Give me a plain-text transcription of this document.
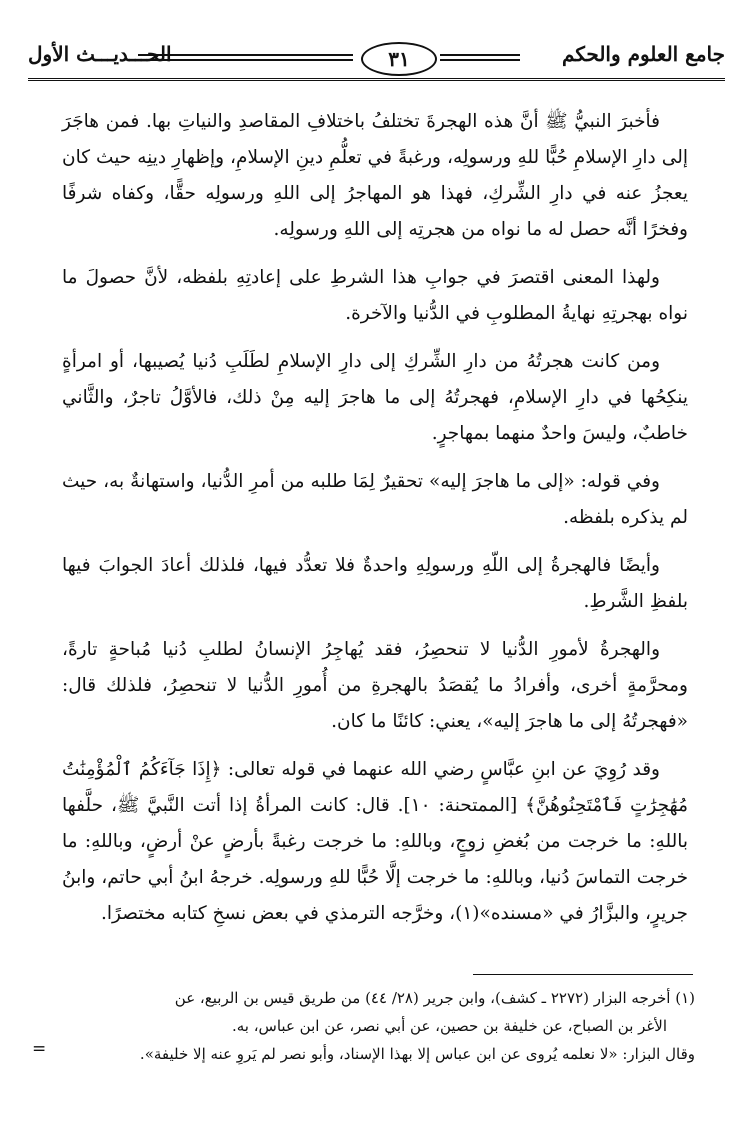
جامع العلوم والحكم
٣١
الحـــديـــث الأول

فأخبرَ النبيُّ ﷺ أنَّ هذه الهجرةَ تختلفُ باختلافِ المقاصدِ والنياتِ بها. فمن هاجَرَ إلى دارِ الإسلامِ حُبًّا للهِ ورسولِه، ورغبةً في تعلُّمِ دينِ الإسلامِ، وإظهارِ دينِه حيث كان يعجزُ عنه في دارِ الشِّركِ، فهذا هو المهاجرُ إلى اللهِ ورسولِه حقًّا، وكفاه شرفًا وفخرًا أنَّه حصل له ما نواه من هجرتِه إلى اللهِ ورسولِه.

ولهذا المعنى اقتصرَ في جوابِ هذا الشرطِ على إعادتِهِ بلفظه، لأنَّ حصولَ ما نواه بهجرتِهِ نهايةُ المطلوبِ في الدُّنيا والآخرة.

ومن كانت هجرتُهُ من دارِ الشِّركِ إلى دارِ الإسلامِ لطَلَبِ دُنيا يُصيبها، أو امرأةٍ ينكِحُها في دارِ الإسلامِ، فهجرتُهُ إلى ما هاجرَ إليه مِنْ ذلك، فالأوَّلُ تاجرٌ، والثَّاني خاطبٌ، وليسَ واحدٌ منهما بمهاجرٍ.

وفي قوله: «إلى ما هاجرَ إليه» تحقيرٌ لِمَا طلبه من أمرِ الدُّنيا، واستهانةٌ به، حيث لم يذكره بلفظه.

وأيضًا فالهجرةُ إلى اللّهِ ورسولِهِ واحدةٌ فلا تعدُّد فيها، فلذلك أعادَ الجوابَ فيها بلفظِ الشَّرطِ.

والهجرةُ لأمورِ الدُّنيا لا تنحصِرُ، فقد يُهاجِرُ الإنسانُ لطلبِ دُنيا مُباحةٍ تارةً، ومحرَّمةٍ أخرى، وأفرادُ ما يُقصَدُ بالهجرةِ من أُمورِ الدُّنيا لا تنحصِرُ، فلذلك قال: «فهجرتُهُ إلى ما هاجرَ إليه»، يعني: كائنًا ما كان.

وقد رُوِيَ عن ابنِ عبَّاسٍ رضي الله عنهما في قوله تعالى: ﴿إِذَا جَآءَكُمُ ٱلْمُؤْمِنَٰتُ مُهَٰجِرَٰتٍ فَٱمْتَحِنُوهُنَّ﴾ [الممتحنة: ١٠]. قال: كانت المرأةُ إذا أتت النَّبيَّ ﷺ، حلَّفها باللهِ: ما خرجت من بُغضِ زوجٍ، وباللهِ: ما خرجت رغبةً بأرضٍ عنْ أرضٍ، وباللهِ: ما خرجت التماسَ دُنيا، وباللهِ: ما خرجت إلَّا حُبًّا للهِ ورسولِه. خرجهُ ابنُ أبي حاتم، وابنُ جريرٍ، والبزَّارُ في «مسنده»(١)، وخرَّجه الترمذي في بعض نسخِ كتابه مختصرًا.

(١) أخرجه البزار (٢٢٧٢ ـ كشف)، وابن جرير (٢٨/ ٤٤) من طريق قيس بن الربيع، عن

الأغر بن الصباح، عن خليفة بن حصين، عن أبي نصر، عن ابن عباس، به.

وقال البزار: «لا نعلمه يُروى عن ابن عباس إلا بهذا الإسناد، وأبو نصر لم يَروِ عنه إلا خليفة».

=
